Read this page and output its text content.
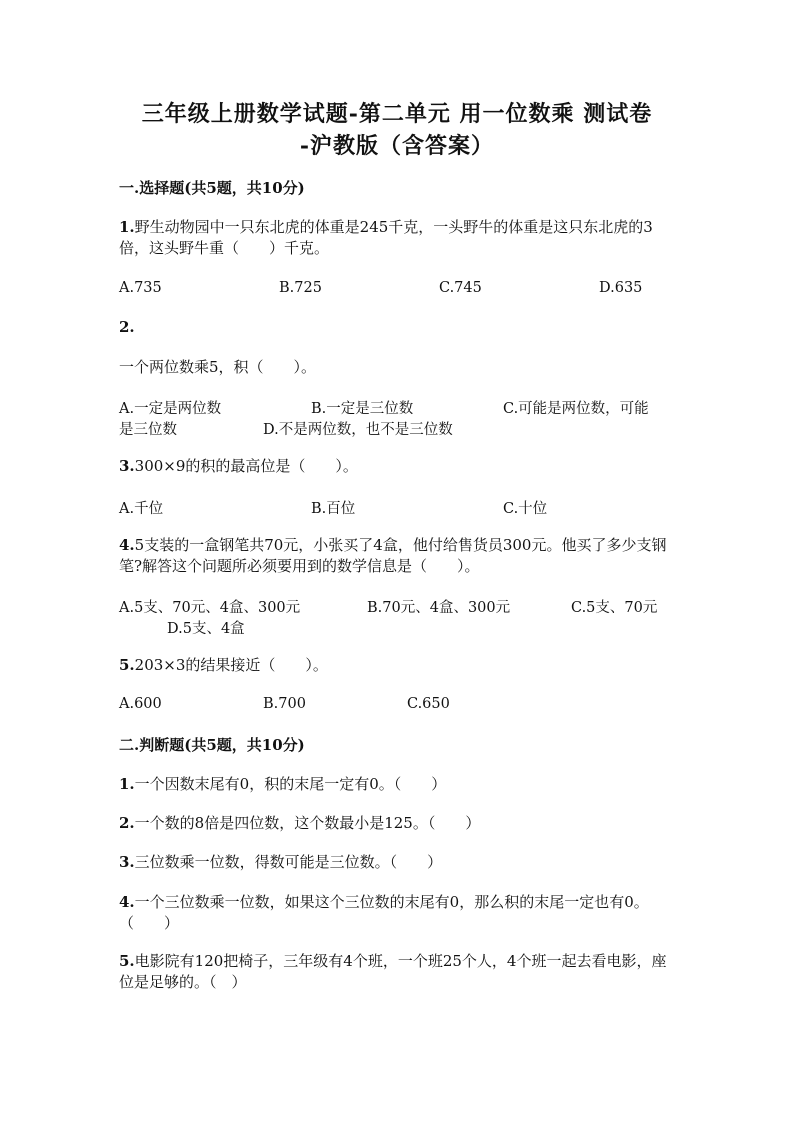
三年级上册数学试题-第二单元 用一位数乘 测试卷
-沪教版（含答案）
一.选择题(共5题，共10分)
1.野生动物园中一只东北虎的体重是245千克，一头野牛的体重是这只东北虎的3倍，这头野牛重（　　）千克。
A.735	B.725	C.745	D.635
2.
一个两位数乘5，积（　　）。
A.一定是两位数	B.一定是三位数	C.可能是两位数，可能
是三位数	D.不是两位数，也不是三位数
3.300×9的积的最高位是（　　）。
A.千位	B.百位	C.十位
4.5支装的一盒钢笔共70元，小张买了4盒，他付给售货员300元。他买了多少支钢笔?解答这个问题所必须要用到的数学信息是（　　）。
A.5支、70元、4盒、300元	B.70元、4盒、300元	C.5支、70元
D.5支、4盒
5.203×3的结果接近（　　）。
A.600	B.700	C.650
二.判断题(共5题，共10分)
1.一个因数末尾有0，积的末尾一定有0。（　　）
2.一个数的8倍是四位数，这个数最小是125。（　　）
3.三位数乘一位数，得数可能是三位数。（　　）
4.一个三位数乘一位数，如果这个三位数的末尾有0，那么积的末尾一定也有0。（　　）
5.电影院有120把椅子，三年级有4个班，一个班25个人，4个班一起去看电影，座位是足够的。（　）
